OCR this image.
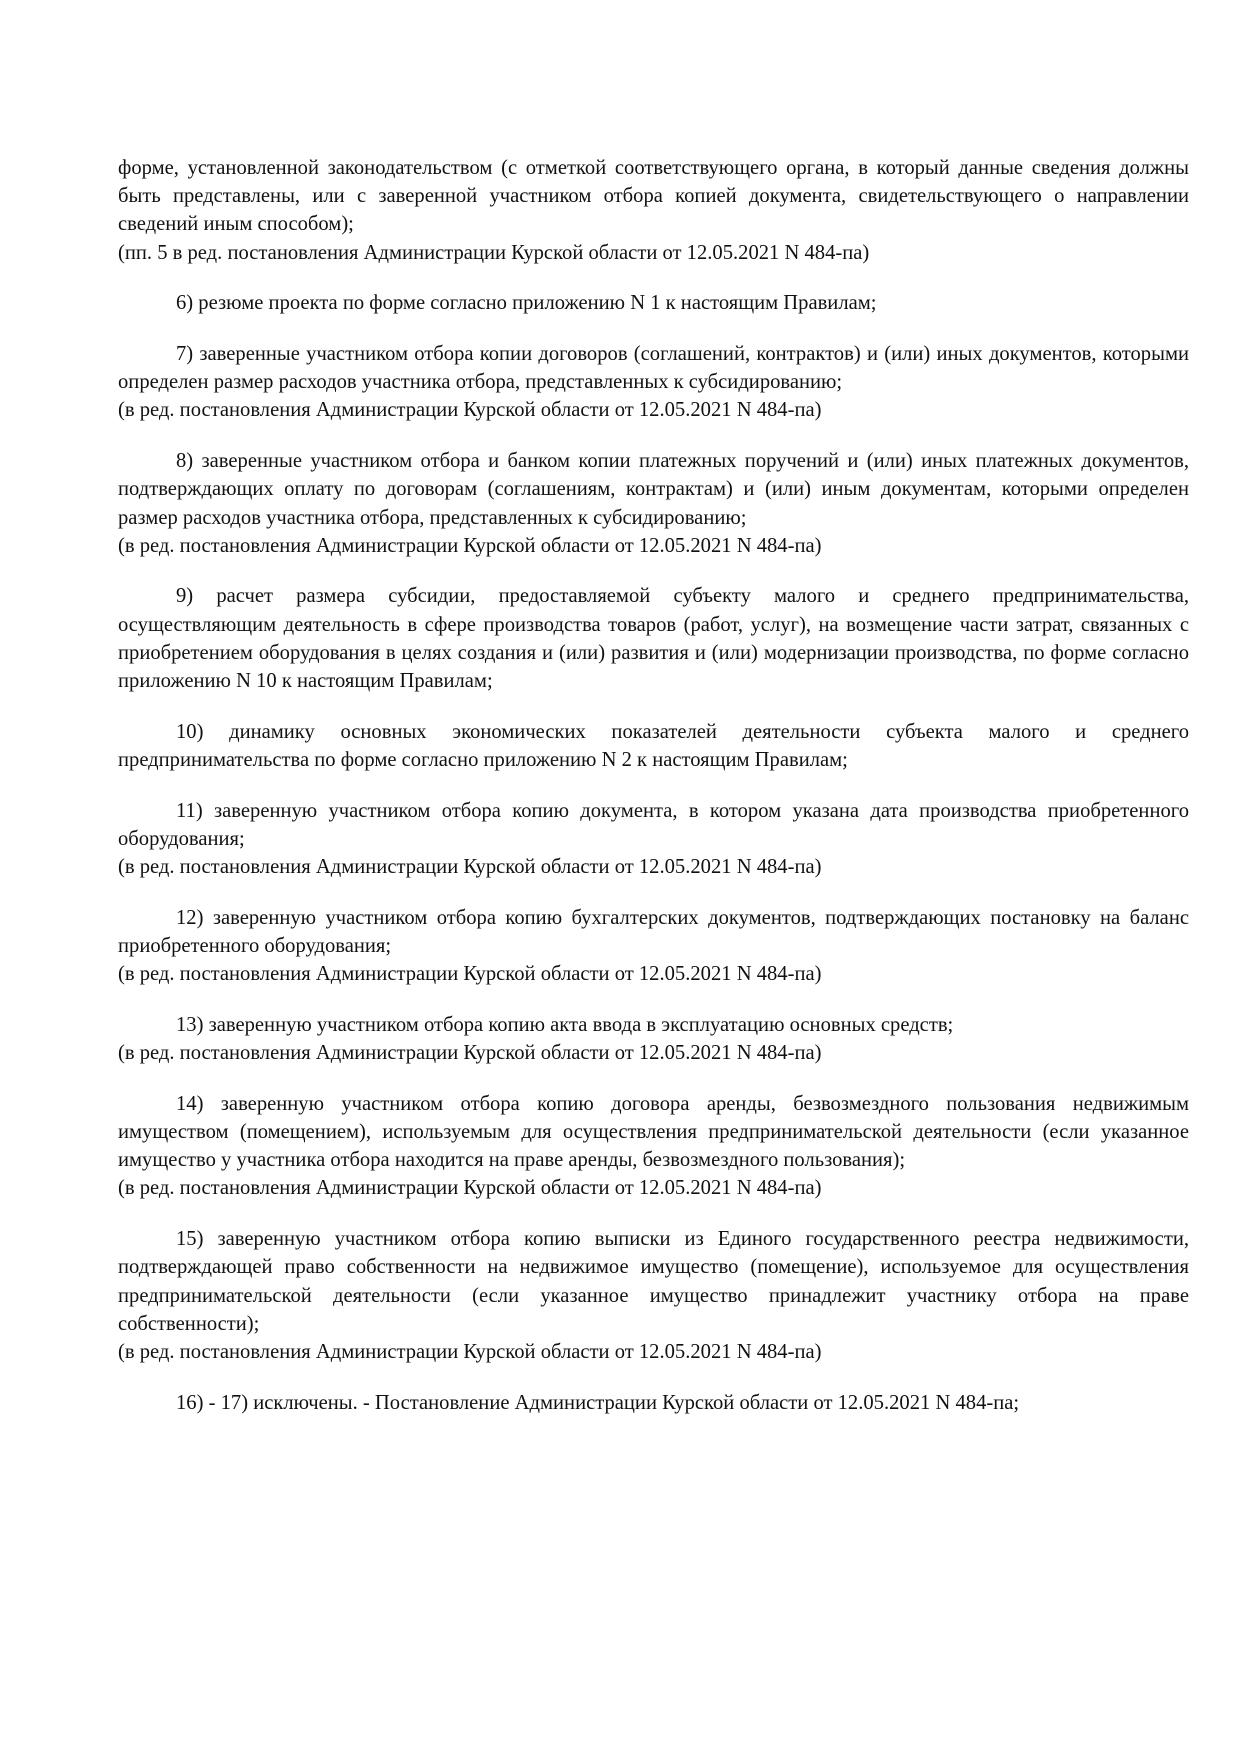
форме, установленной законодательством (с отметкой соответствующего органа, в который данные сведения должны быть представлены, или с заверенной участником отбора копией документа, свидетельствующего о направлении сведений иным способом);

(пп. 5 в ред. постановления Администрации Курской области от 12.05.2021 N 484-па)

6) резюме проекта по форме согласно приложению N 1 к настоящим Правилам;

7) заверенные участником отбора копии договоров (соглашений, контрактов) и (или) иных документов, которыми определен размер расходов участника отбора, представленных к субсидированию;

(в ред. постановления Администрации Курской области от 12.05.2021 N 484-па)

8) заверенные участником отбора и банком копии платежных поручений и (или) иных платежных документов, подтверждающих оплату по договорам (соглашениям, контрактам) и (или) иным документам, которыми определен размер расходов участника отбора, представленных к субсидированию;

(в ред. постановления Администрации Курской области от 12.05.2021 N 484-па)

9) расчет размера субсидии, предоставляемой субъекту малого и среднего предпринимательства, осуществляющим деятельность в сфере производства товаров (работ, услуг), на возмещение части затрат, связанных с приобретением оборудования в целях создания и (или) развития и (или) модернизации производства, по форме согласно приложению N 10 к настоящим Правилам;

10) динамику основных экономических показателей деятельности субъекта малого и среднего предпринимательства по форме согласно приложению N 2 к настоящим Правилам;

11) заверенную участником отбора копию документа, в котором указана дата производства приобретенного оборудования;

(в ред. постановления Администрации Курской области от 12.05.2021 N 484-па)

12) заверенную участником отбора копию бухгалтерских документов, подтверждающих постановку на баланс приобретенного оборудования;

(в ред. постановления Администрации Курской области от 12.05.2021 N 484-па)

13) заверенную участником отбора копию акта ввода в эксплуатацию основных средств;

(в ред. постановления Администрации Курской области от 12.05.2021 N 484-па)

14) заверенную участником отбора копию договора аренды, безвозмездного пользования недвижимым имуществом (помещением), используемым для осуществления предпринимательской деятельности (если указанное имущество у участника отбора находится на праве аренды, безвозмездного пользования);

(в ред. постановления Администрации Курской области от 12.05.2021 N 484-па)

15) заверенную участником отбора копию выписки из Единого государственного реестра недвижимости, подтверждающей право собственности на недвижимое имущество (помещение), используемое для осуществления предпринимательской деятельности (если указанное имущество принадлежит участнику отбора на праве собственности);

(в ред. постановления Администрации Курской области от 12.05.2021 N 484-па)

16) - 17) исключены. - Постановление Администрации Курской области от 12.05.2021 N 484-па;
